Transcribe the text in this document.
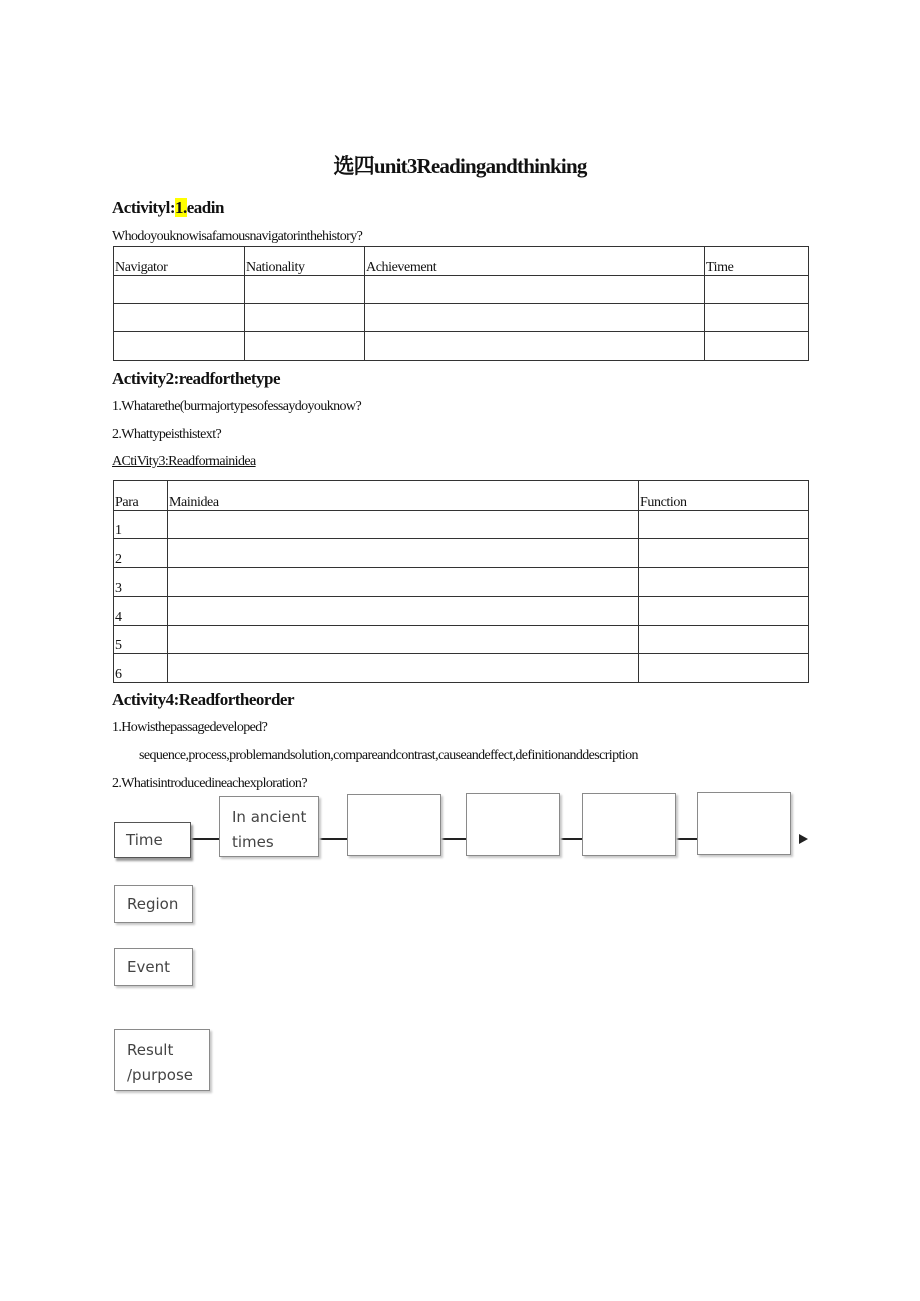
选四unit3Readingandthinking
Activityl:1.eadin
Whodoyouknowisafamousnavigatorinthehistory?
Navigator	Nationality	Achievement	Time

Activity2:readforthetype
1.Whatarethe(burmajortypesofessaydoyouknow?
2.Whattypeisthistext?
ACtiVity3:Readformainidea
Para	Mainidea	Function
1		
2		
3		
4		
5		
6		
Activity4:Readfortheorder
1.Howisthepassagedeveloped?
sequence,process,problemandsolution,compareandcontrast,causeandeffect,definitionanddescription
2.Whatisintroducedineachexploration?
Time
In ancient
times
Region
Event
Result
/purpose
